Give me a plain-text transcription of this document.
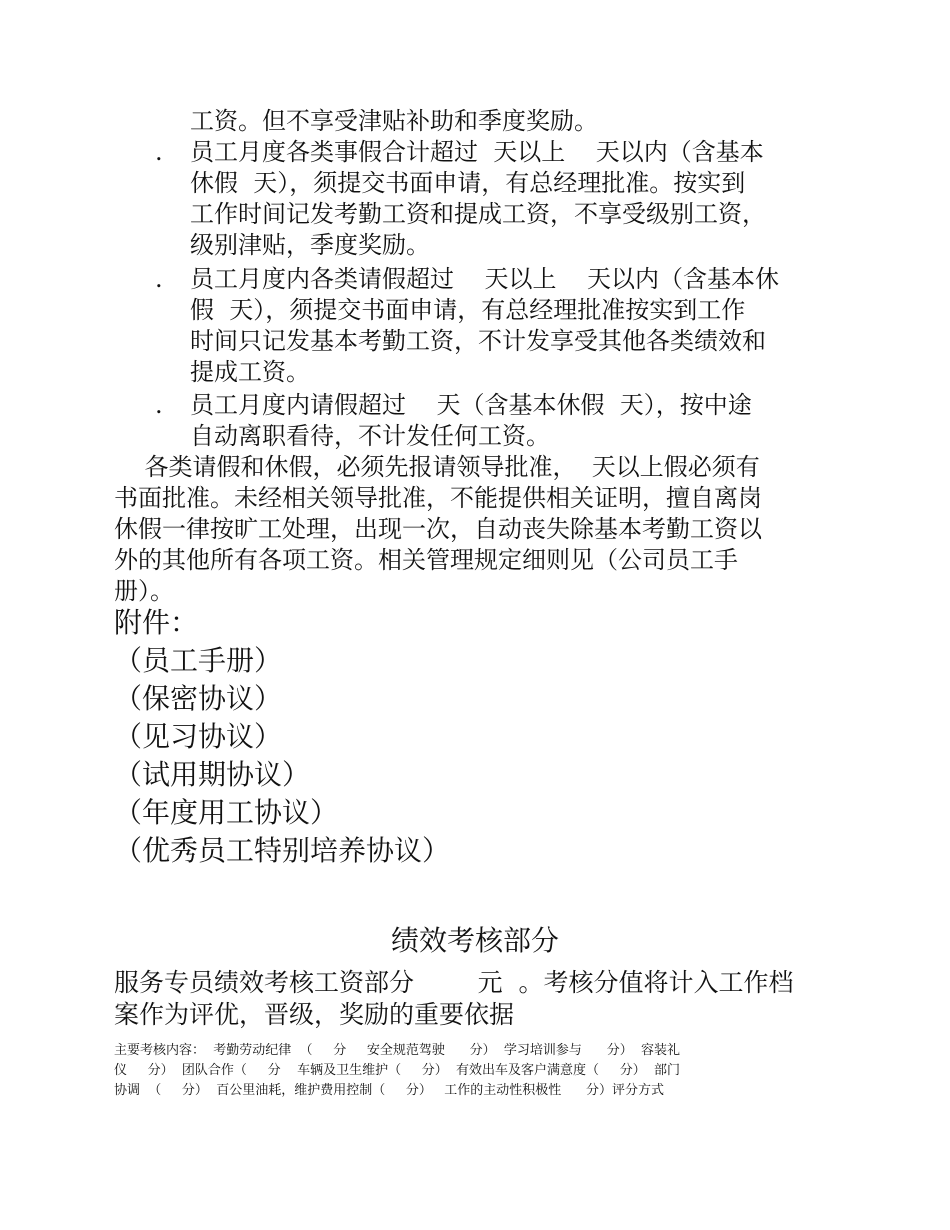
工资。但不享受津贴补助和季度奖励。
. 员工月度各类事假合计超过  天以上    天以内（含基本
休假  天），须提交书面申请，有总经理批准。按实到
工作时间记发考勤工资和提成工资，不享受级别工资，
级别津贴，季度奖励。
. 员工月度内各类请假超过    天以上    天以内（含基本休
假  天），须提交书面申请，有总经理批准按实到工作
时间只记发基本考勤工资，不计发享受其他各类绩效和
提成工资。
. 员工月度内请假超过    天（含基本休假  天），按中途
自动离职看待，不计发任何工资。
各类请假和休假，必须先报请领导批准，  天以上假必须有
书面批准。未经相关领导批准，不能提供相关证明，擅自离岗
休假一律按旷工处理，出现一次，自动丧失除基本考勤工资以
外的其他所有各项工资。相关管理规定细则见（公司员工手
册）。
附件：
（员工手册）
（保密协议）
（见习协议）
（试用期协议）
（年度用工协议）
（优秀员工特别培养协议）
绩效考核部分
服务专员绩效考核工资部分        元  。考核分值将计入工作档
案作为评优，晋级，奖励的重要依据
主要考核内容：  考勤劳动纪律  （     分     安全规范驾驶      分）  学习培训参与      分）  容装礼
仪     分）  团队合作（     分    车辆及卫生维护（     分）  有效出车及客户满意度（     分）  部门
协调  （     分）  百公里油耗，维护费用控制（     分）   工作的主动性积极性      分）评分方式
